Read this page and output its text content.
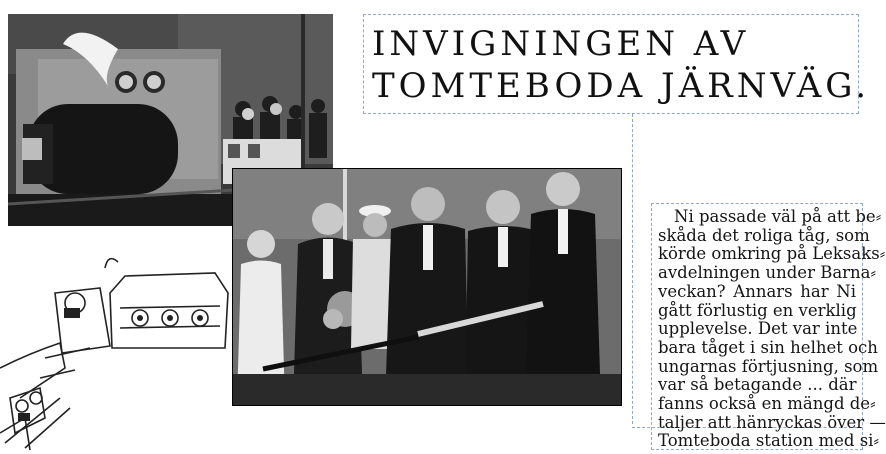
INVIGNINGEN AV
TOMTEBODA JÄRNVÄG.
Ni passade väl på att be⸗
skåda det roliga tåg, som
körde omkring på Leksaks⸗
avdelningen under Barna⸗
veckan? Annars har Ni
gått förlustig en verklig
upplevelse. Det var inte
bara tåget i sin helhet och
ungarnas förtjusning, som
var så betagande ... där
fanns också en mängd de⸗
taljer att hänryckas över —
Tomteboda station med si⸗
